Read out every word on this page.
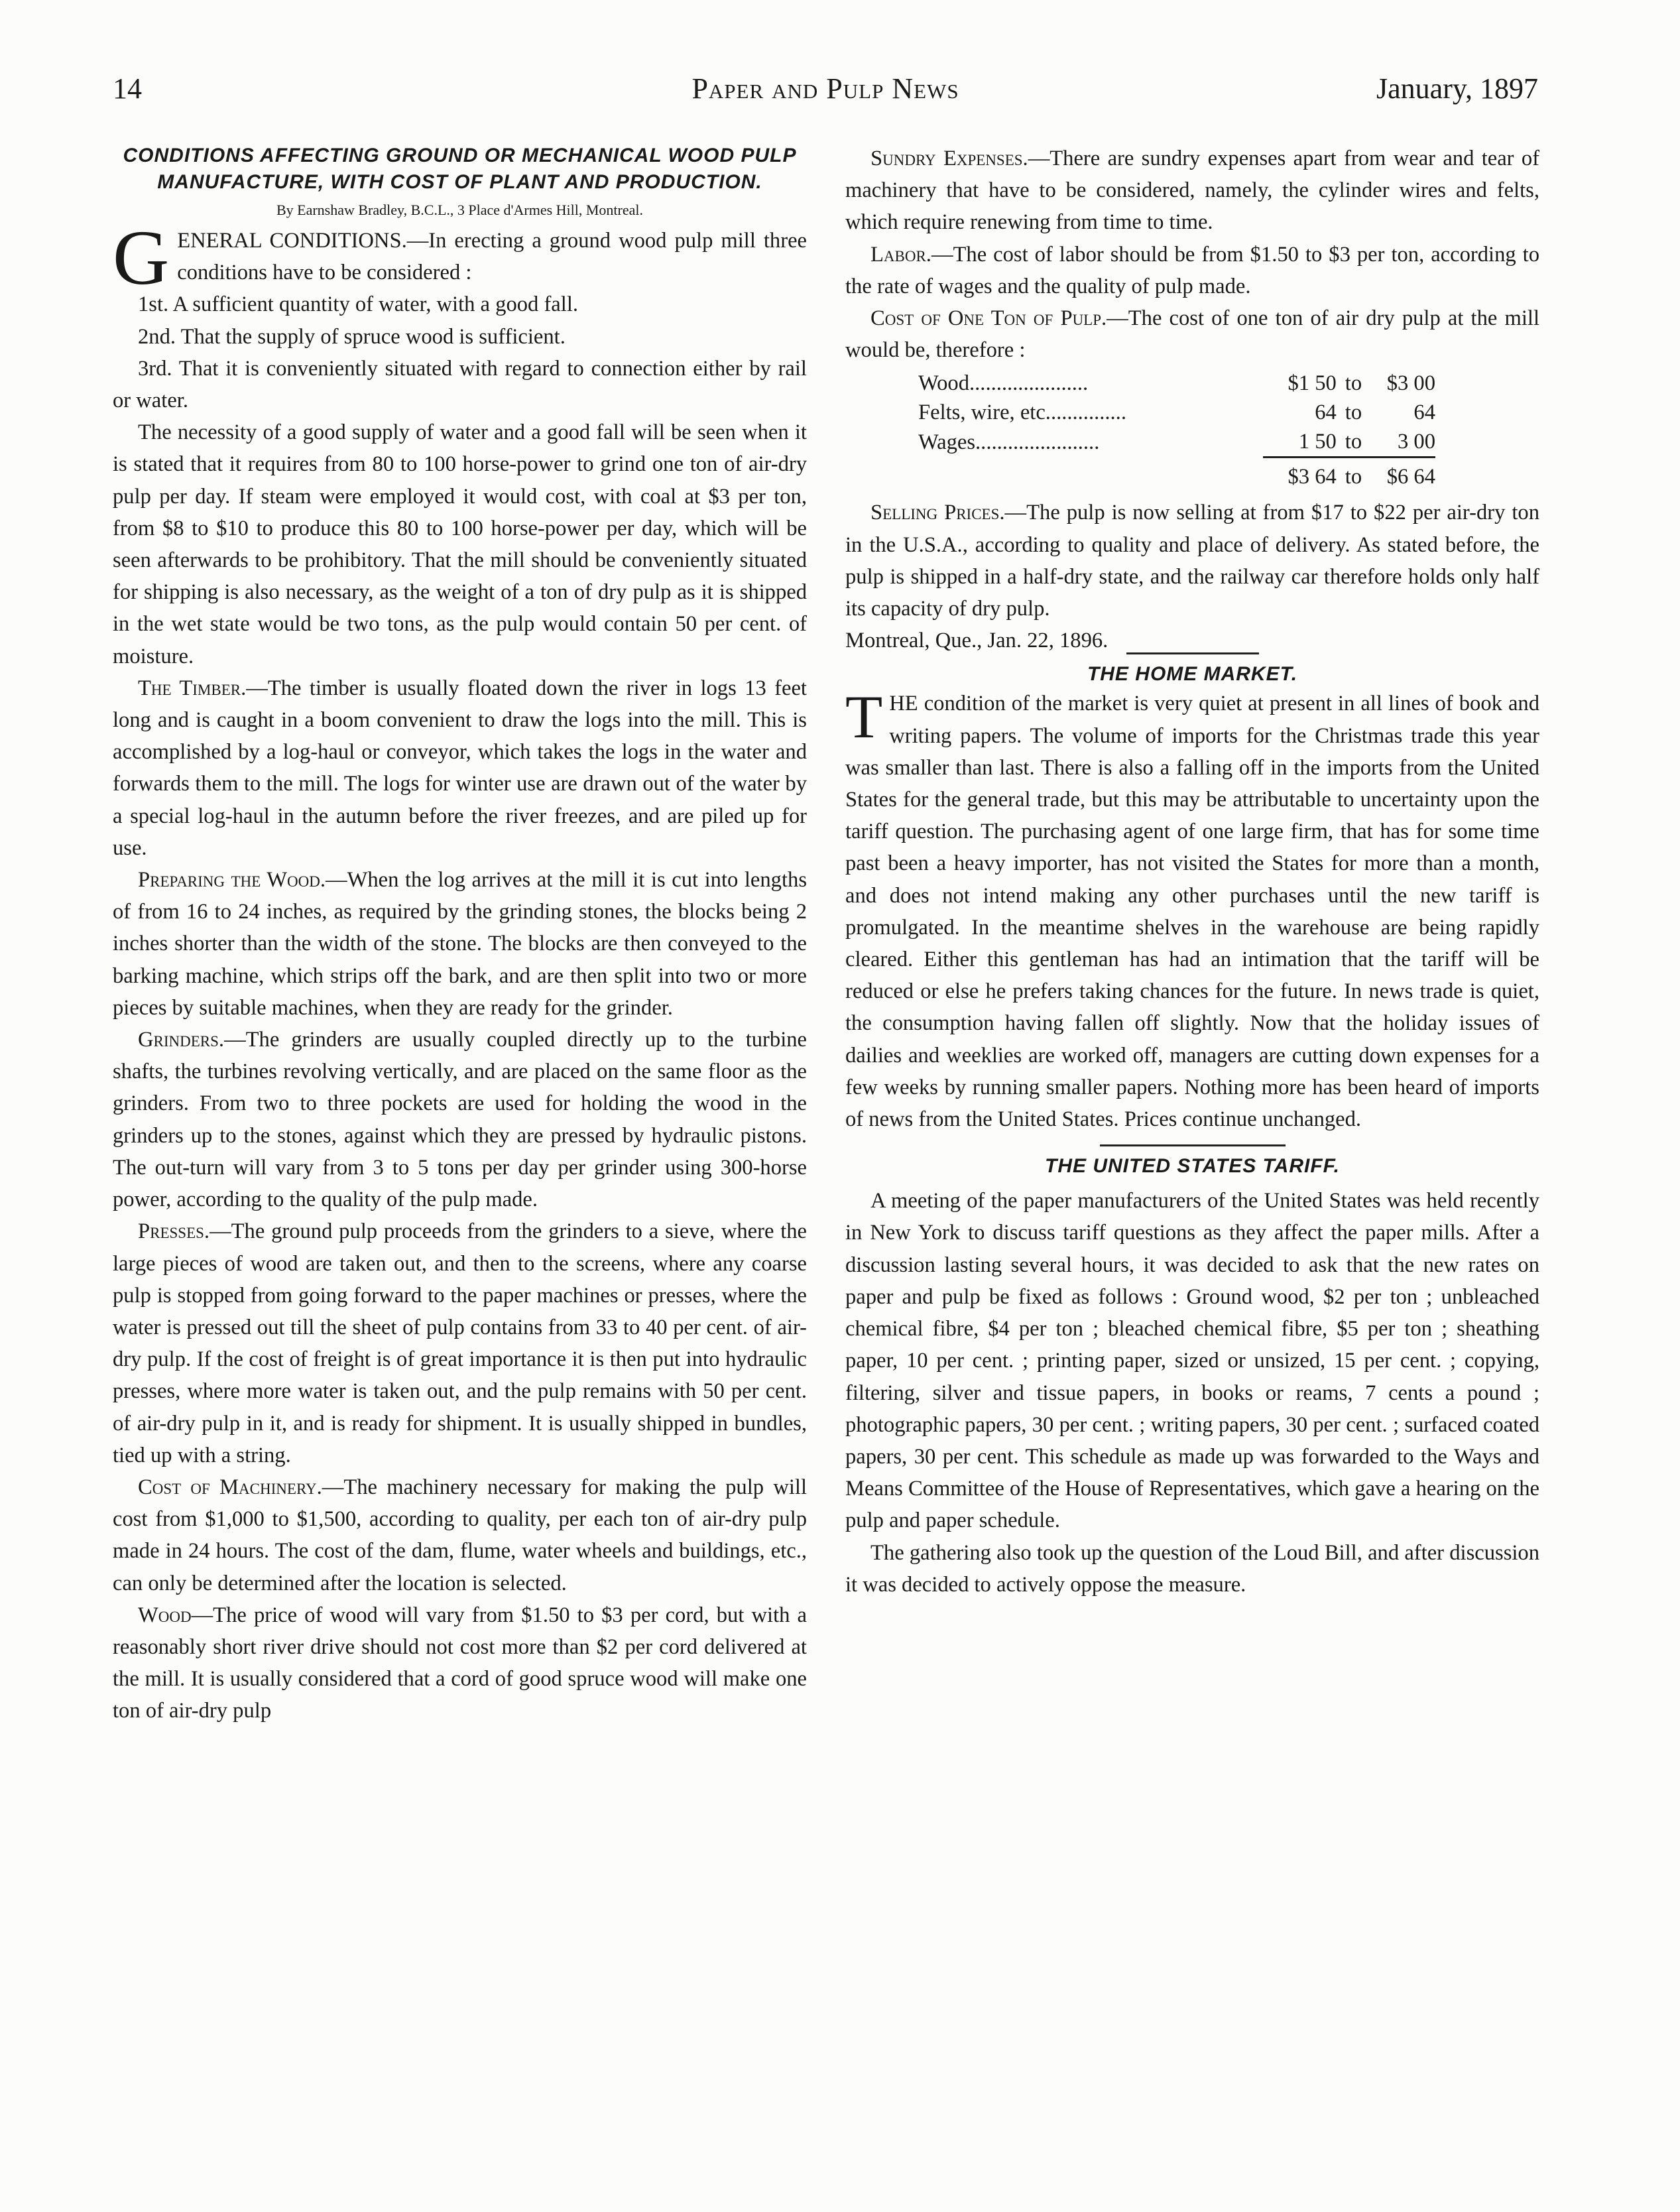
14	Paper and Pulp News	January, 1897
CONDITIONS AFFECTING GROUND OR MECHANICAL WOOD PULP MANUFACTURE, WITH COST OF PLANT AND PRODUCTION.
By Earnshaw Bradley, B.C.L., 3 Place d'Armes Hill, Montreal.

GENERAL CONDITIONS.—In erecting a ground wood pulp mill three conditions have to be considered :

1st. A sufficient quantity of water, with a good fall.

2nd. That the supply of spruce wood is sufficient.

3rd. That it is conveniently situated with regard to connection either by rail or water.

The necessity of a good supply of water and a good fall will be seen when it is stated that it requires from 80 to 100 horse-power to grind one ton of air-dry pulp per day. If steam were employed it would cost, with coal at $3 per ton, from $8 to $10 to produce this 80 to 100 horse-power per day, which will be seen afterwards to be prohibitory. That the mill should be conveniently situated for shipping is also necessary, as the weight of a ton of dry pulp as it is shipped in the wet state would be two tons, as the pulp would contain 50 per cent. of moisture.

The Timber.—The timber is usually floated down the river in logs 13 feet long and is caught in a boom convenient to draw the logs into the mill. This is accomplished by a log-haul or conveyor, which takes the logs in the water and forwards them to the mill. The logs for winter use are drawn out of the water by a special log-haul in the autumn before the river freezes, and are piled up for use.

Preparing the Wood.—When the log arrives at the mill it is cut into lengths of from 16 to 24 inches, as required by the grinding stones, the blocks being 2 inches shorter than the width of the stone. The blocks are then conveyed to the barking machine, which strips off the bark, and are then split into two or more pieces by suitable machines, when they are ready for the grinder.

Grinders.—The grinders are usually coupled directly up to the turbine shafts, the turbines revolving vertically, and are placed on the same floor as the grinders. From two to three pockets are used for holding the wood in the grinders up to the stones, against which they are pressed by hydraulic pistons. The out-turn will vary from 3 to 5 tons per day per grinder using 300-horse power, according to the quality of the pulp made.

Presses.—The ground pulp proceeds from the grinders to a sieve, where the large pieces of wood are taken out, and then to the screens, where any coarse pulp is stopped from going forward to the paper machines or presses, where the water is pressed out till the sheet of pulp contains from 33 to 40 per cent. of air-dry pulp. If the cost of freight is of great importance it is then put into hydraulic presses, where more water is taken out, and the pulp remains with 50 per cent. of air-dry pulp in it, and is ready for shipment. It is usually shipped in bundles, tied up with a string.

Cost of Machinery.—The machinery necessary for making the pulp will cost from $1,000 to $1,500, according to quality, per each ton of air-dry pulp made in 24 hours. The cost of the dam, flume, water wheels and buildings, etc., can only be determined after the location is selected.

Wood—The price of wood will vary from $1.50 to $3 per cord, but with a reasonably short river drive should not cost more than $2 per cord delivered at the mill. It is usually considered that a cord of good spruce wood will make one ton of air-dry pulp

Sundry Expenses.—There are sundry expenses apart from wear and tear of machinery that have to be considered, namely, the cylinder wires and felts, which require renewing from time to time.

Labor.—The cost of labor should be from $1.50 to $3 per ton, according to the rate of wages and the quality of pulp made.

Cost of One Ton of Pulp.—The cost of one ton of air dry pulp at the mill would be, therefore :

Wood......................	$1 50	to	$3 00
Felts, wire, etc...............	64	to	64
Wages.......................	1 50	to	3 00
	$3 64	to	$6 64

Selling Prices.—The pulp is now selling at from $17 to $22 per air-dry ton in the U.S.A., according to quality and place of delivery. As stated before, the pulp is shipped in a half-dry state, and the railway car therefore holds only half its capacity of dry pulp.

Montreal, Que., Jan. 22, 1896.

THE HOME MARKET.

THE condition of the market is very quiet at present in all lines of book and writing papers. The volume of imports for the Christmas trade this year was smaller than last. There is also a falling off in the imports from the United States for the general trade, but this may be attributable to uncertainty upon the tariff question. The purchasing agent of one large firm, that has for some time past been a heavy importer, has not visited the States for more than a month, and does not intend making any other purchases until the new tariff is promulgated. In the meantime shelves in the warehouse are being rapidly cleared. Either this gentleman has had an intimation that the tariff will be reduced or else he prefers taking chances for the future. In news trade is quiet, the consumption having fallen off slightly. Now that the holiday issues of dailies and weeklies are worked off, managers are cutting down expenses for a few weeks by running smaller papers. Nothing more has been heard of imports of news from the United States. Prices continue unchanged.

THE UNITED STATES TARIFF.

A meeting of the paper manufacturers of the United States was held recently in New York to discuss tariff questions as they affect the paper mills. After a discussion lasting several hours, it was decided to ask that the new rates on paper and pulp be fixed as follows : Ground wood, $2 per ton ; unbleached chemical fibre, $4 per ton ; bleached chemical fibre, $5 per ton ; sheathing paper, 10 per cent. ; printing paper, sized or unsized, 15 per cent. ; copying, filtering, silver and tissue papers, in books or reams, 7 cents a pound ; photographic papers, 30 per cent. ; writing papers, 30 per cent. ; surfaced coated papers, 30 per cent. This schedule as made up was forwarded to the Ways and Means Committee of the House of Representatives, which gave a hearing on the pulp and paper schedule.

The gathering also took up the question of the Loud Bill, and after discussion it was decided to actively oppose the measure.
